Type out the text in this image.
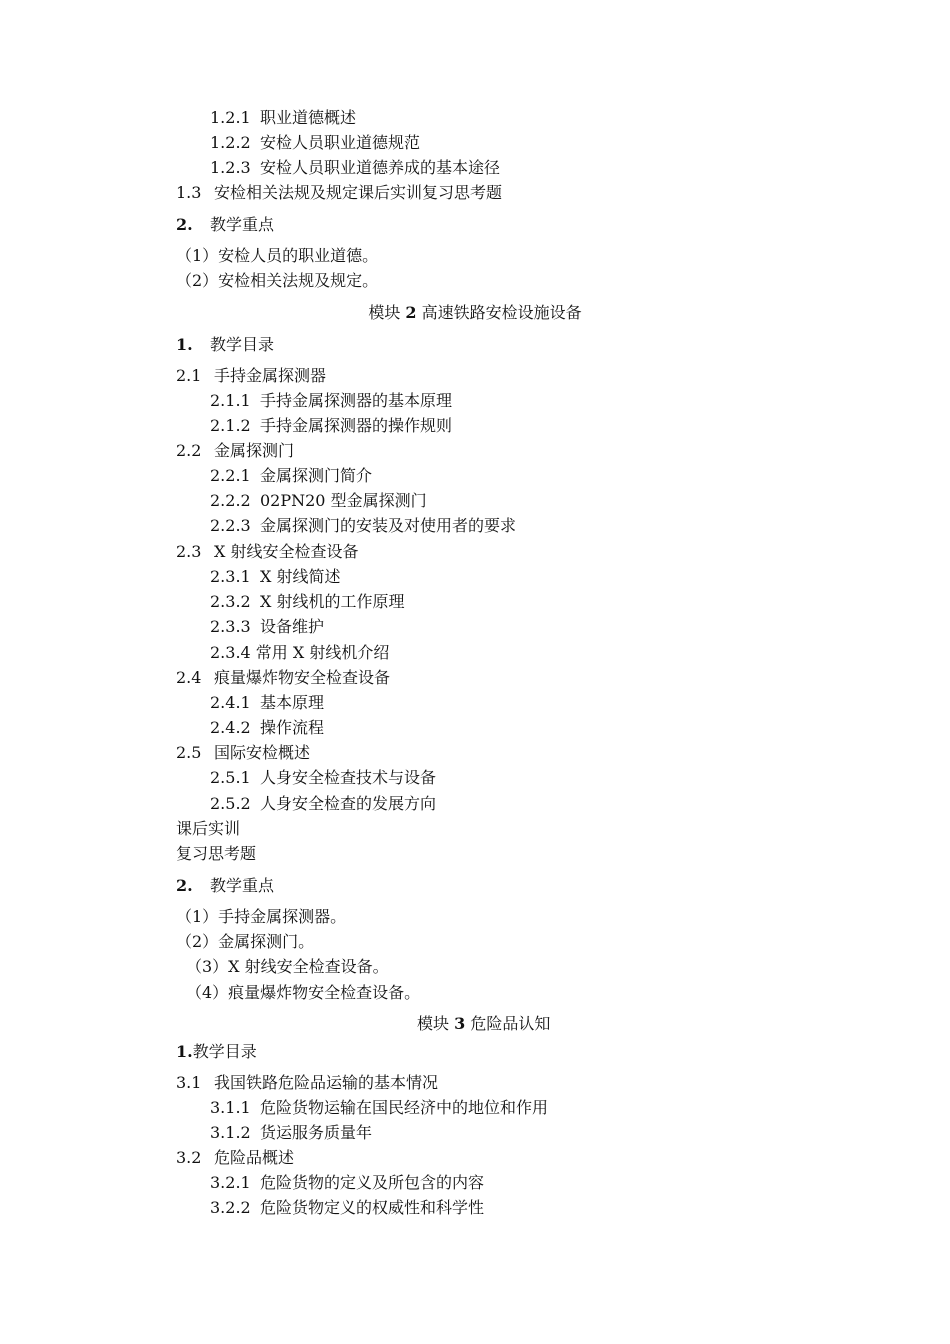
1.2.1 职业道德概述
1.2.2 安检人员职业道德规范
1.2.3 安检人员职业道德养成的基本途径
1.3 安检相关法规及规定课后实训复习思考题
2. 教学重点
（1）安检人员的职业道德。
（2）安检相关法规及规定。
模块 2 高速铁路安检设施设备
1. 教学目录
2.1 手持金属探测器
2.1.1 手持金属探测器的基本原理
2.1.2 手持金属探测器的操作规则
2.2 金属探测门
2.2.1 金属探测门简介
2.2.2 02PN20 型金属探测门
2.2.3 金属探测门的安装及对使用者的要求
2.3 X 射线安全检查设备
2.3.1 X 射线简述
2.3.2 X 射线机的工作原理
2.3.3 设备维护
2.3.4 常用 X 射线机介绍
2.4 痕量爆炸物安全检查设备
2.4.1 基本原理
2.4.2 操作流程
2.5 国际安检概述
2.5.1 人身安全检查技术与设备
2.5.2 人身安全检查的发展方向
课后实训
复习思考题
2. 教学重点
（1）手持金属探测器。
（2）金属探测门。
（3）X 射线安全检查设备。
（4）痕量爆炸物安全检查设备。
模块 3 危险品认知
1.教学目录
3.1 我国铁路危险品运输的基本情况
3.1.1 危险货物运输在国民经济中的地位和作用
3.1.2 货运服务质量年
3.2 危险品概述
3.2.1 危险货物的定义及所包含的内容
3.2.2 危险货物定义的权威性和科学性
